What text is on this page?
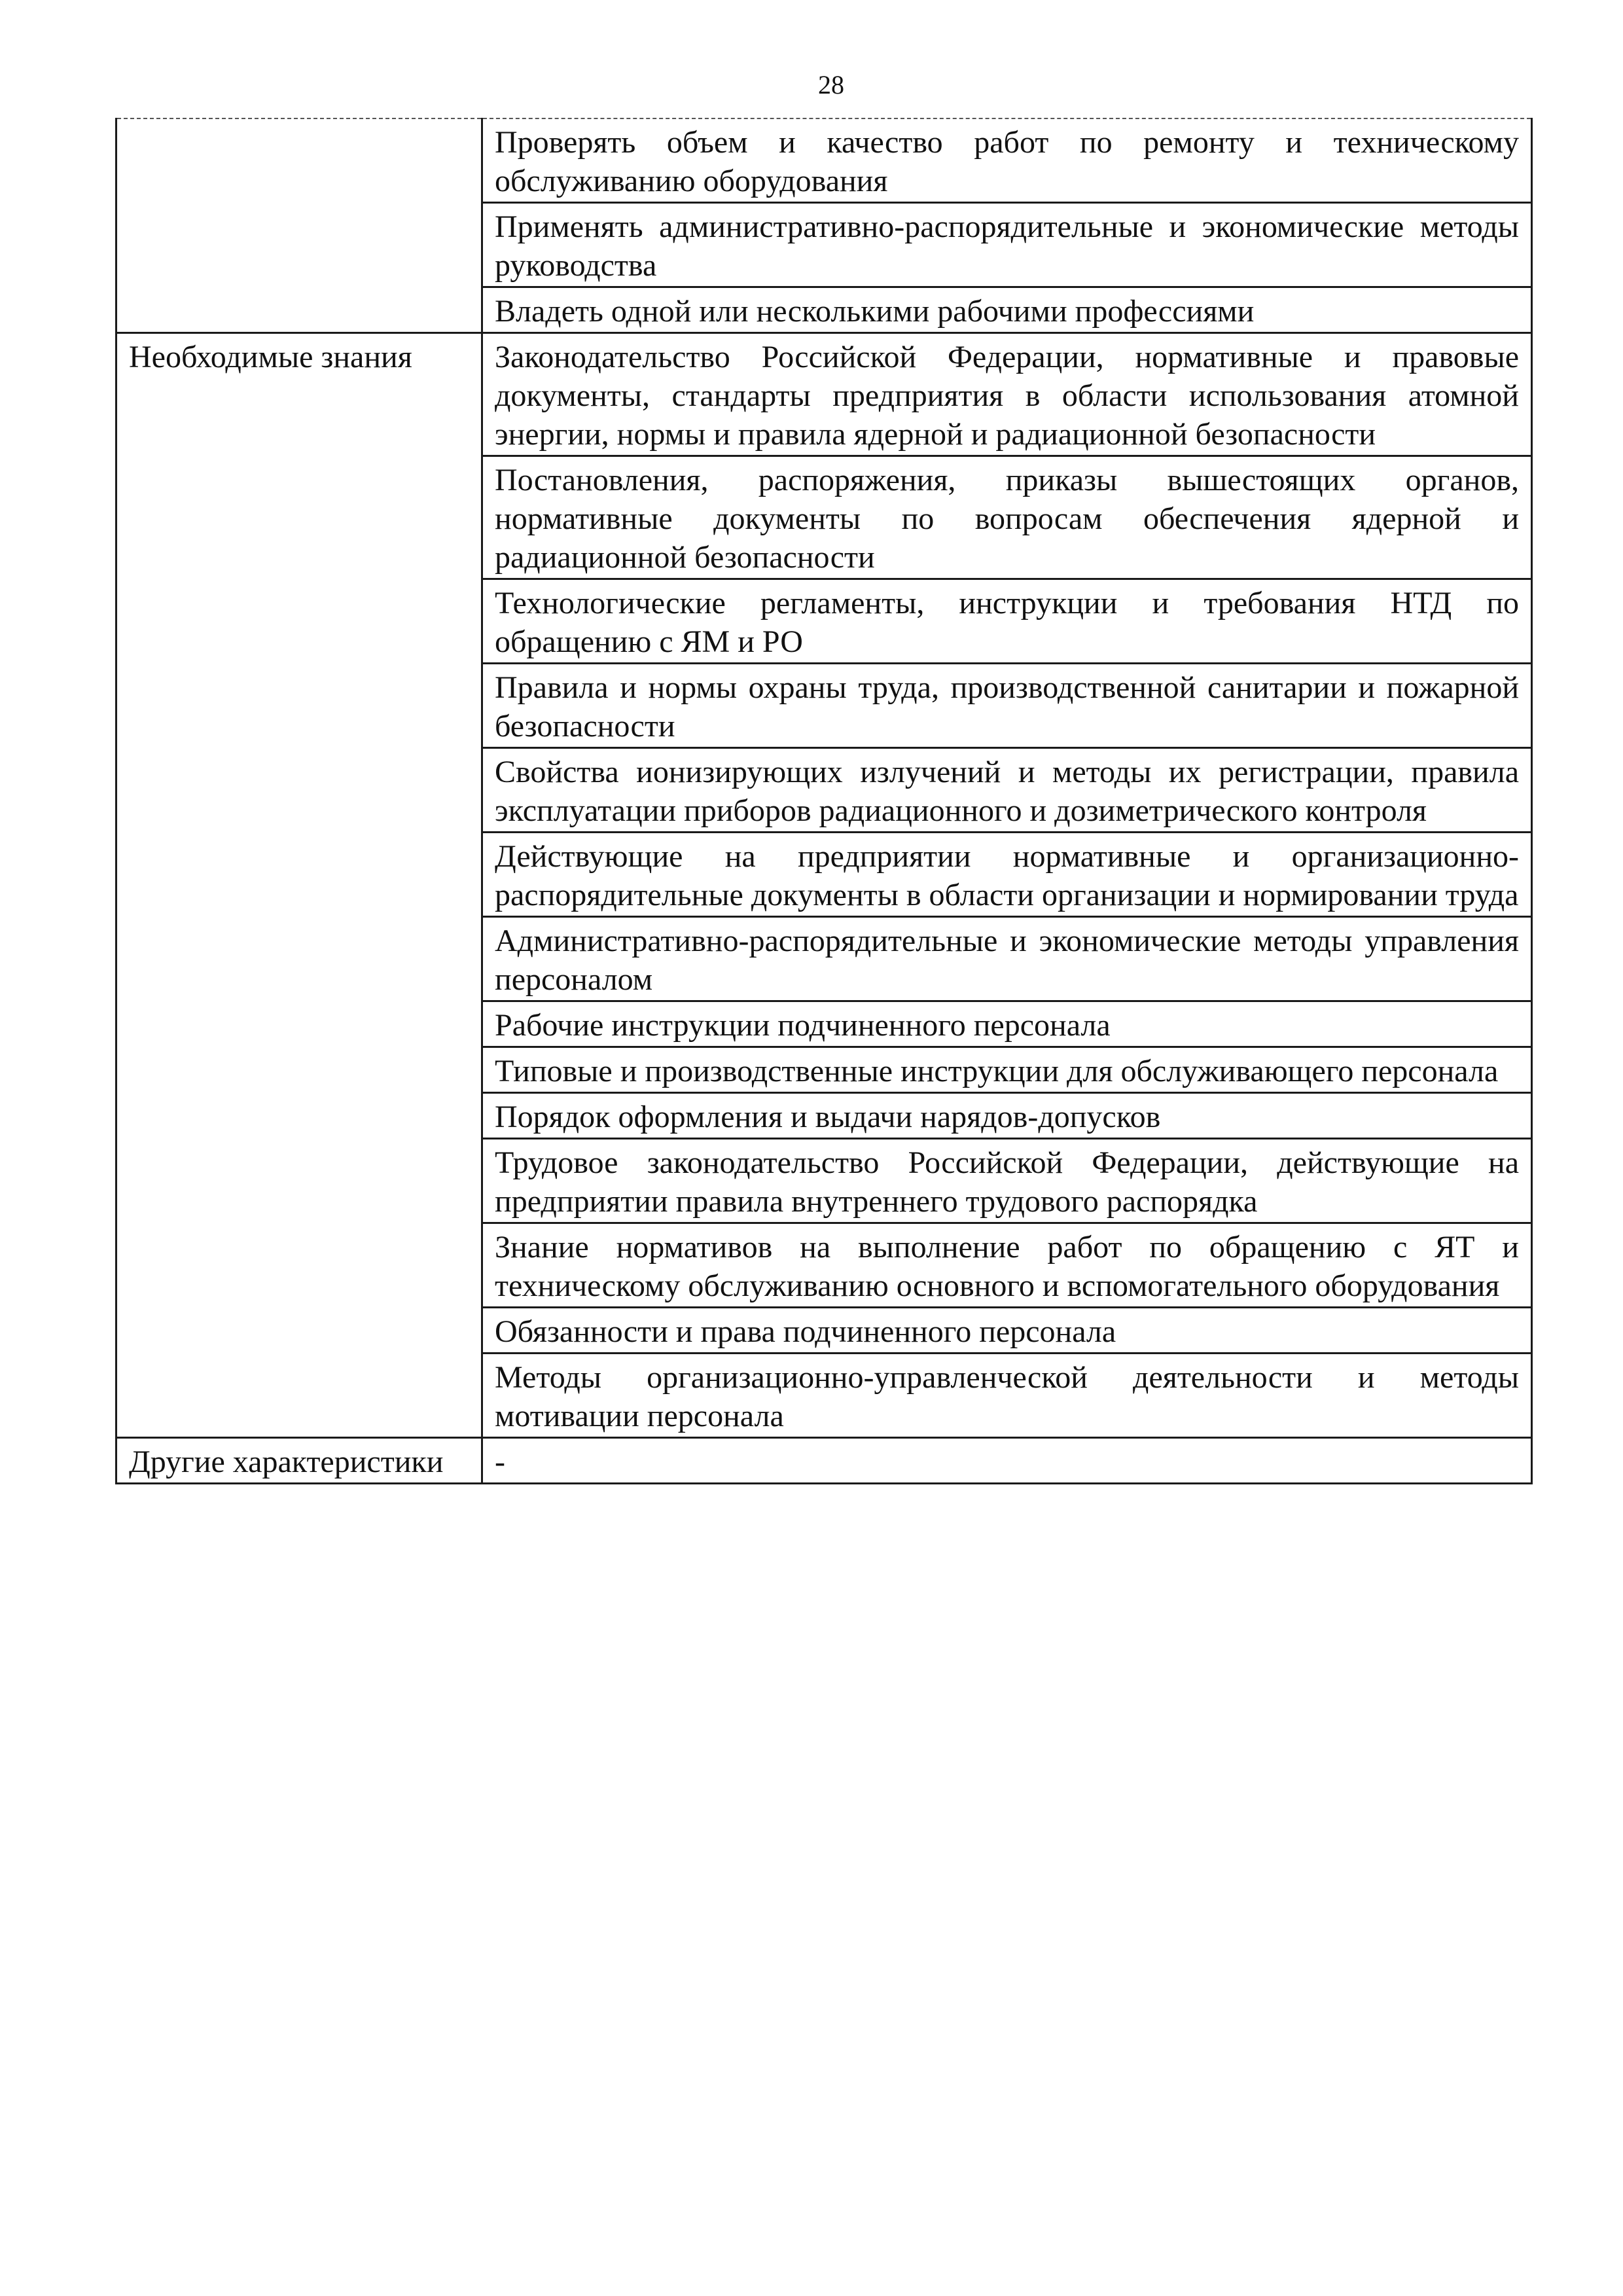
28
	Проверять объем и качество работ по ремонту и техническому обслуживанию оборудования
	Применять административно-распорядительные и экономические методы руководства
	Владеть одной или несколькими рабочими профессиями
Необходимые знания	Законодательство Российской Федерации, нормативные и правовые документы, стандарты предприятия в области использования атомной энергии, нормы и правила ядерной и радиационной безопасности
	Постановления, распоряжения, приказы вышестоящих органов, нормативные документы по вопросам обеспечения ядерной и радиационной безопасности
	Технологические регламенты, инструкции и требования НТД по обращению с ЯМ и РО
	Правила и нормы охраны труда, производственной санитарии и пожарной безопасности
	Свойства ионизирующих излучений и методы их регистрации, правила эксплуатации приборов радиационного и дозиметрического контроля
	Действующие на предприятии нормативные и организационно-распорядительные документы в области организации и нормировании труда
	Административно-распорядительные и экономические методы управления персоналом
	Рабочие инструкции подчиненного персонала
	Типовые и производственные инструкции для обслуживающего персонала
	Порядок оформления и выдачи нарядов-допусков
	Трудовое законодательство Российской Федерации, действующие на предприятии правила внутреннего трудового распорядка
	Знание нормативов на выполнение работ по обращению с ЯТ и техническому обслуживанию основного и вспомогательного оборудования
	Обязанности и права подчиненного персонала
	Методы организационно-управленческой деятельности и методы мотивации персонала
Другие характеристики	-
